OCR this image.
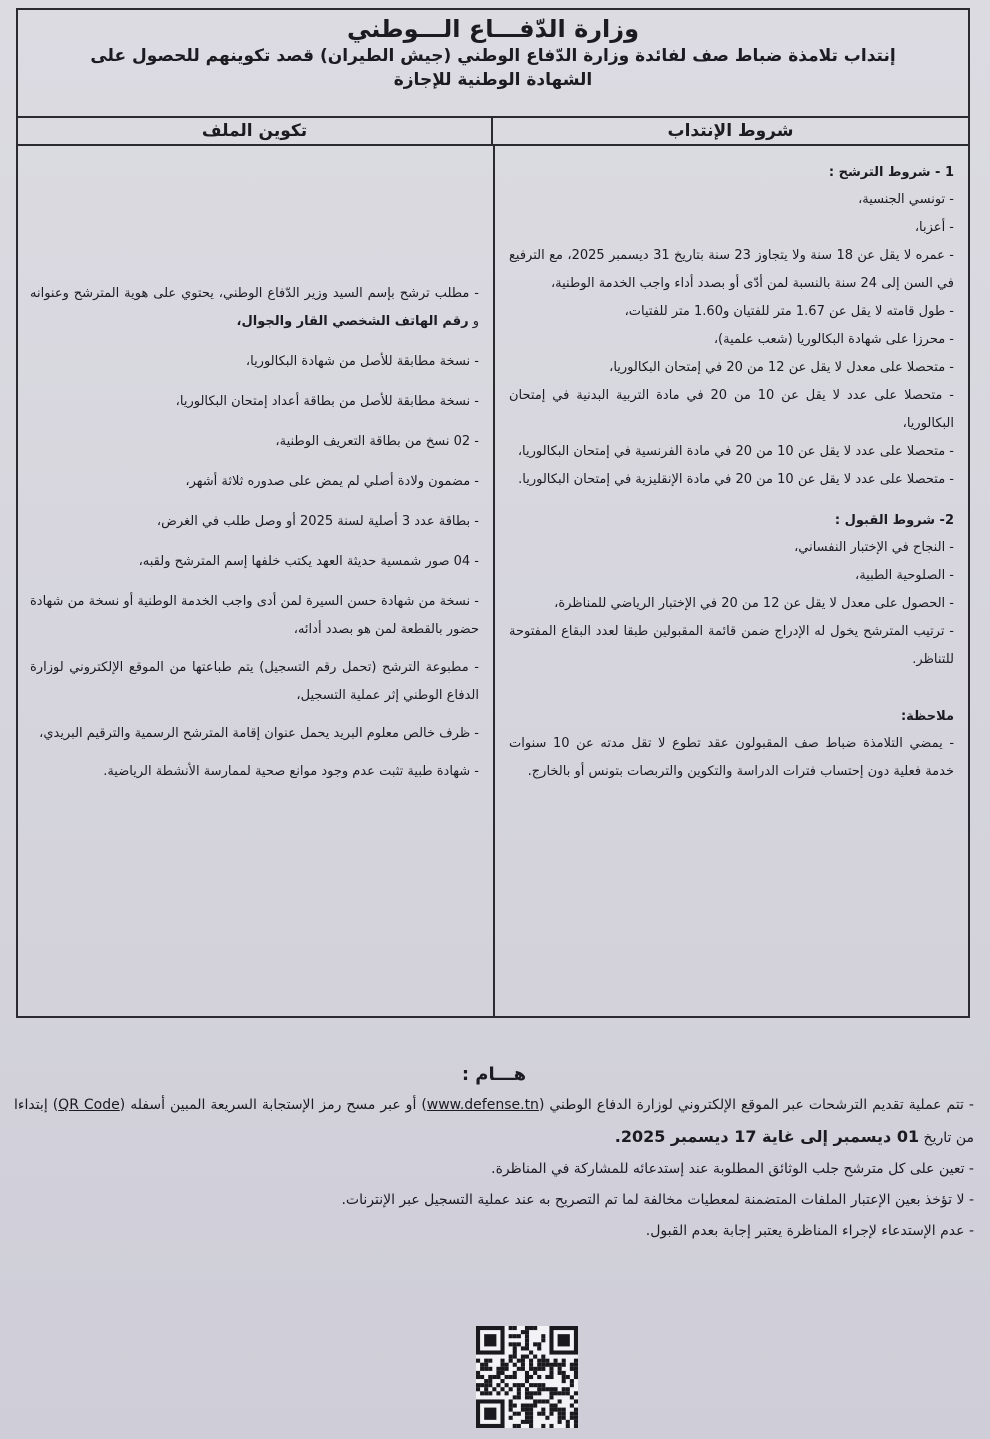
وزارة الدّفـــاع الـــوطني
إنتداب تلامذة ضباط صف لفائدة وزارة الدّفاع الوطني (جيش الطيران) قصد تكوينهم للحصول على الشهادة الوطنية للإجازة
شروط الإنتداب
تكوين الملف
1 - شروط الترشح :
- تونسي الجنسية،
- أعزبا،
- عمره لا يقل عن 18 سنة ولا يتجاوز 23 سنة بتاريخ 31 ديسمبر 2025، مع الترفيع في السن إلى 24 سنة بالنسبة لمن أدّى أو بصدد أداء واجب الخدمة الوطنية،
- طول قامته لا يقل عن 1.67 متر للفتيان و1.60 متر للفتيات،
- محرزا على شهادة البكالوريا (شعب علمية)،
- متحصلا على معدل لا يقل عن 12 من 20 في إمتحان البكالوريا،
- متحصلا على عدد لا يقل عن 10 من 20 في مادة التربية البدنية في إمتحان البكالوريا،
- متحصلا على عدد لا يقل عن 10 من 20 في مادة الفرنسية في إمتحان البكالوريا،
- متحصلا على عدد لا يقل عن 10 من 20 في مادة الإنقليزية في إمتحان البكالوريا.
2- شروط القبول :
- النجاح في الإختبار النفساني،
- الصلوحية الطبية،
- الحصول على معدل لا يقل عن 12 من 20 في الإختبار الرياضي للمناظرة،
- ترتيب المترشح يخول له الإدراج ضمن قائمة المقبولين طبقا لعدد البقاع المفتوحة للتناظر.
ملاحظة:
- يمضي التلامذة ضباط صف المقبولون عقد تطوع لا تقل مدته عن 10 سنوات خدمة فعلية دون إحتساب فترات الدراسة والتكوين والتربصات بتونس أو بالخارج.
- مطلب ترشح بإسم السيد وزير الدّفاع الوطني، يحتوي على هوية المترشح وعنوانه و رقم الهاتف الشخصي القار والجوال،
- نسخة مطابقة للأصل من شهادة البكالوريا،
- نسخة مطابقة للأصل من بطاقة أعداد إمتحان البكالوريا،
- 02 نسخ من بطاقة التعريف الوطنية،
- مضمون ولادة أصلي لم يمض على صدوره ثلاثة أشهر،
- بطاقة عدد 3 أصلية لسنة 2025 أو وصل طلب في الغرض،
- 04 صور شمسية حديثة العهد يكتب خلفها إسم المترشح ولقبه،
- نسخة من شهادة حسن السيرة لمن أدى واجب الخدمة الوطنية أو نسخة من شهادة حضور بالقطعة لمن هو بصدد أدائه،
- مطبوعة الترشح (تحمل رقم التسجيل) يتم طباعتها من الموقع الإلكتروني لوزارة الدفاع الوطني إثر عملية التسجيل،
- ظرف خالص معلوم البريد يحمل عنوان إقامة المترشح الرسمية والترقيم البريدي،
- شهادة طبية تثبت عدم وجود موانع صحية لممارسة الأنشطة الرياضية.
هـــام :
- تتم عملية تقديم الترشحات عبر الموقع الإلكتروني لوزارة الدفاع الوطني (www.defense.tn) أو عبر مسح رمز الإستجابة السريعة المبين أسفله (QR Code) إبتداءا من تاريخ 01 ديسمبر إلى غاية 17 ديسمبر 2025.
- تعين على كل مترشح جلب الوثائق المطلوبة عند إستدعائه للمشاركة في المناظرة.
- لا تؤخذ بعين الإعتبار الملفات المتضمنة لمعطيات مخالفة لما تم التصريح به عند عملية التسجيل عبر الإنترنات.
- عدم الإستدعاء لإجراء المناظرة يعتبر إجابة بعدم القبول.
